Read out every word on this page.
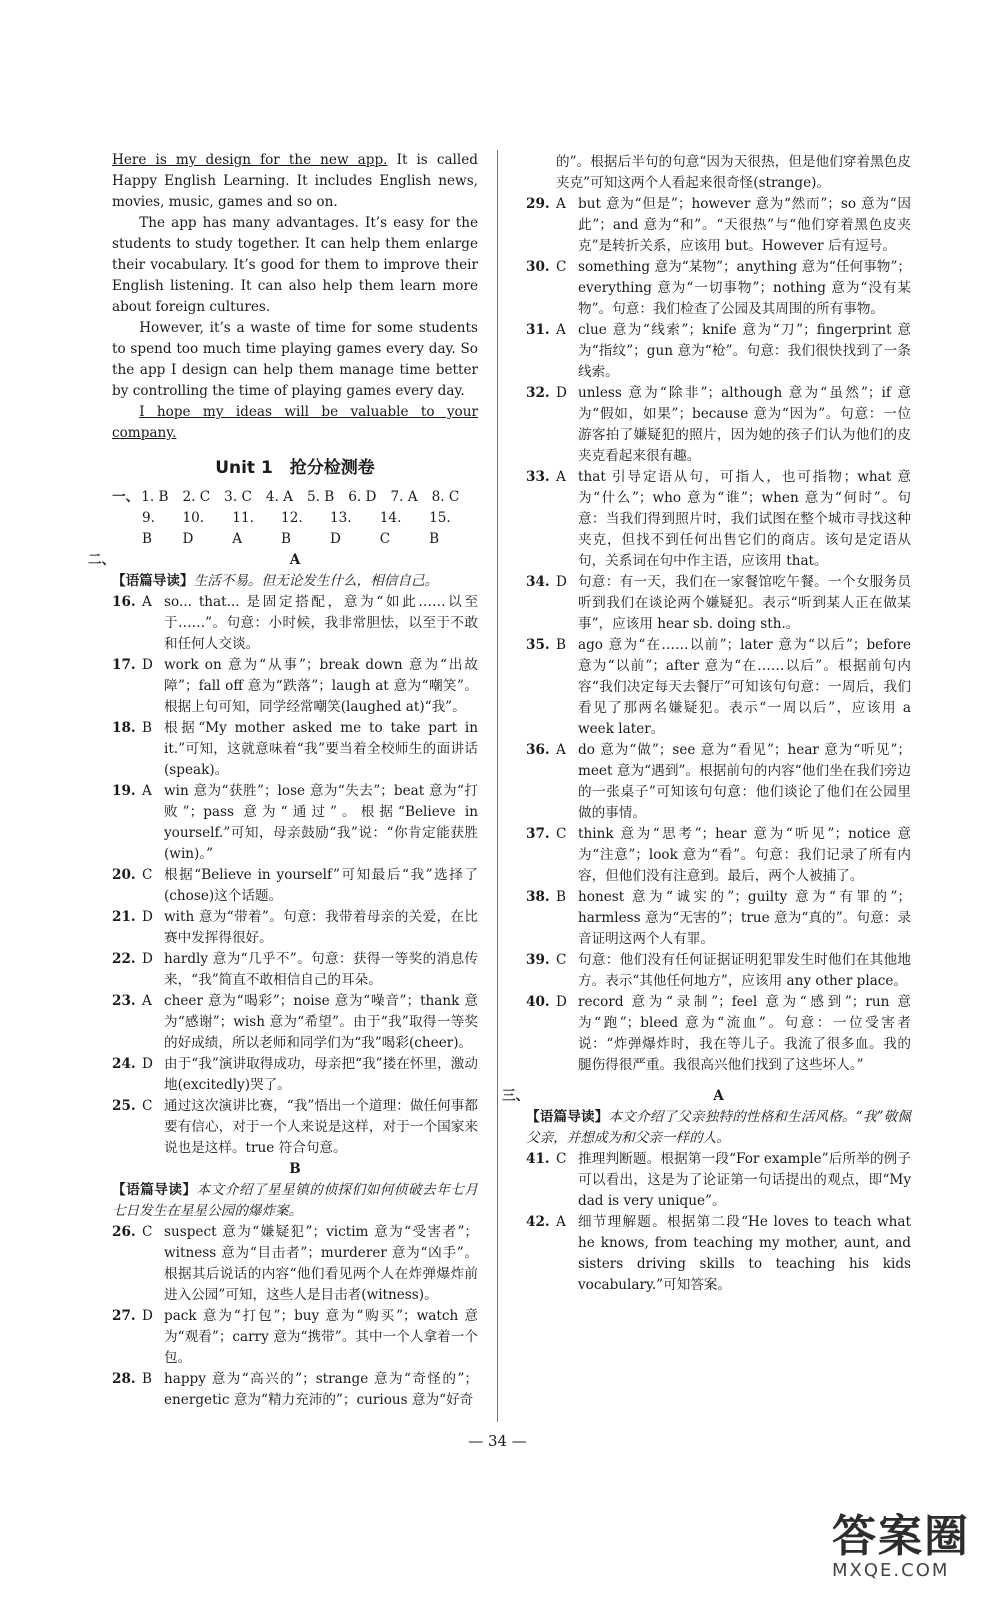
Here is my design for the new app. It is called Happy English Learning. It includes English news, movies, music, games and so on.

The app has many advantages. It’s easy for the students to study together. It can help them enlarge their vocabulary. It’s good for them to improve their English listening. It can also help them learn more about foreign cultures.

However, it’s a waste of time for some students to spend too much time playing games every day. So the app I design can help them manage time better by controlling the time of playing games every day.

I hope my ideas will be valuable to your company.

Unit 1　抢分检测卷
一、 1. B 2. C 3. C 4. A 5. B 6. D 7. A 8. C
9. B
10. D
11. A
12. B
13. D
14. C
15. B
二、	A

【语篇导读】生活不易。但无论发生什么，相信自己。

16. A so... that... 是固定搭配，意为“如此……以至于……”。句意：小时候，我非常胆怯，以至于不敢和任何人交谈。
17. D work on 意为“从事”；break down 意为“出故障”；fall off 意为“跌落”；laugh at 意为“嘲笑”。根据上句可知，同学经常嘲笑(laughed at)“我”。
18. B 根据“My mother asked me to take part in it.”可知，这就意味着“我”要当着全校师生的面讲话(speak)。
19. A win 意为“获胜”；lose 意为“失去”；beat 意为“打败”；pass 意为“通过”。根据“Believe in yourself.”可知，母亲鼓励“我”说：“你肯定能获胜(win)。”
20. C 根据“Believe in yourself”可知最后“我”选择了(chose)这个话题。
21. D with 意为“带着”。句意：我带着母亲的关爱，在比赛中发挥得很好。
22. D hardly 意为“几乎不”。句意：获得一等奖的消息传来，“我”简直不敢相信自己的耳朵。
23. A cheer 意为“喝彩”；noise 意为“噪音”；thank 意为“感谢”；wish 意为“希望”。由于“我”取得一等奖的好成绩，所以老师和同学们为“我”喝彩(cheer)。
24. D 由于“我”演讲取得成功，母亲把“我”搂在怀里，激动地(excitedly)哭了。
25. C 通过这次演讲比赛，“我”悟出一个道理：做任何事都要有信心，对于一个人来说是这样，对于一个国家来说也是这样。true 符合句意。
B

【语篇导读】本文介绍了星星镇的侦探们如何侦破去年七月七日发生在星星公园的爆炸案。

26. C suspect 意为“嫌疑犯”；victim 意为“受害者”；witness 意为“目击者”；murderer 意为“凶手”。根据其后说话的内容“他们看见两个人在炸弹爆炸前进入公园”可知，这些人是目击者(witness)。
27. D pack 意为“打包”；buy 意为“购买”；watch 意为“观看”；carry 意为“携带”。其中一个人拿着一个包。
28. B happy 意为“高兴的”；strange 意为“奇怪的”；energetic 意为“精力充沛的”；curious 意为“好奇

的”。根据后半句的句意“因为天很热，但是他们穿着黑色皮夹克”可知这两个人看起来很奇怪(strange)。

29. A but 意为“但是”；however 意为“然而”；so 意为“因此”；and 意为“和”。“天很热”与“他们穿着黑色皮夹克”是转折关系，应该用 but。However 后有逗号。
30. C something 意为“某物”；anything 意为“任何事物”；everything 意为“一切事物”；nothing 意为“没有某物”。句意：我们检查了公园及其周围的所有事物。
31. A clue 意为“线索”；knife 意为“刀”；fingerprint 意为“指纹”；gun 意为“枪”。句意：我们很快找到了一条线索。
32. D unless 意为“除非”；although 意为“虽然”；if 意为“假如，如果”；because 意为“因为”。句意：一位游客拍了嫌疑犯的照片，因为她的孩子们认为他们的皮夹克看起来很有趣。
33. A that 引导定语从句，可指人，也可指物；what 意为“什么”；who 意为“谁”；when 意为“何时”。句意：当我们得到照片时，我们试图在整个城市寻找这种夹克，但找不到任何出售它们的商店。该句是定语从句，关系词在句中作主语，应该用 that。
34. D 句意：有一天，我们在一家餐馆吃午餐。一个女服务员听到我们在谈论两个嫌疑犯。表示“听到某人正在做某事”，应该用 hear sb. doing sth.。
35. B ago 意为“在……以前”；later 意为“以后”；before 意为“以前”；after 意为“在……以后”。根据前句内容“我们决定每天去餐厅”可知该句句意：一周后，我们看见了那两名嫌疑犯。表示“一周以后”，应该用 a week later。
36. A do 意为“做”；see 意为“看见”；hear 意为“听见”；meet 意为“遇到”。根据前句的内容“他们坐在我们旁边的一张桌子”可知该句句意：他们谈论了他们在公园里做的事情。
37. C think 意为“思考”；hear 意为“听见”；notice 意为“注意”；look 意为“看”。句意：我们记录了所有内容，但他们没有注意到。最后，两个人被捕了。
38. B honest 意为“诚实的”；guilty 意为“有罪的”；harmless 意为“无害的”；true 意为“真的”。句意：录音证明这两个人有罪。
39. C 句意：他们没有任何证据证明犯罪发生时他们在其他地方。表示“其他任何地方”，应该用 any other place。
40. D record 意为“录制”；feel 意为“感到”；run 意为“跑”；bleed 意为“流血”。句意：一位受害者说：“炸弹爆炸时，我在等儿子。我流了很多血。我的腿伤得很严重。我很高兴他们找到了这些坏人。”
三、	A

【语篇导读】本文介绍了父亲独特的性格和生活风格。“我”敬佩父亲，并想成为和父亲一样的人。

41. C 推理判断题。根据第一段“For example”后所举的例子可以看出，这是为了论证第一句话提出的观点，即“My dad is very unique”。
42. A 细节理解题。根据第二段“He loves to teach what he knows, from teaching my mother, aunt, and sisters driving skills to teaching his kids vocabulary.”可知答案。
— 34 —
答案圈
MXQE.COM
